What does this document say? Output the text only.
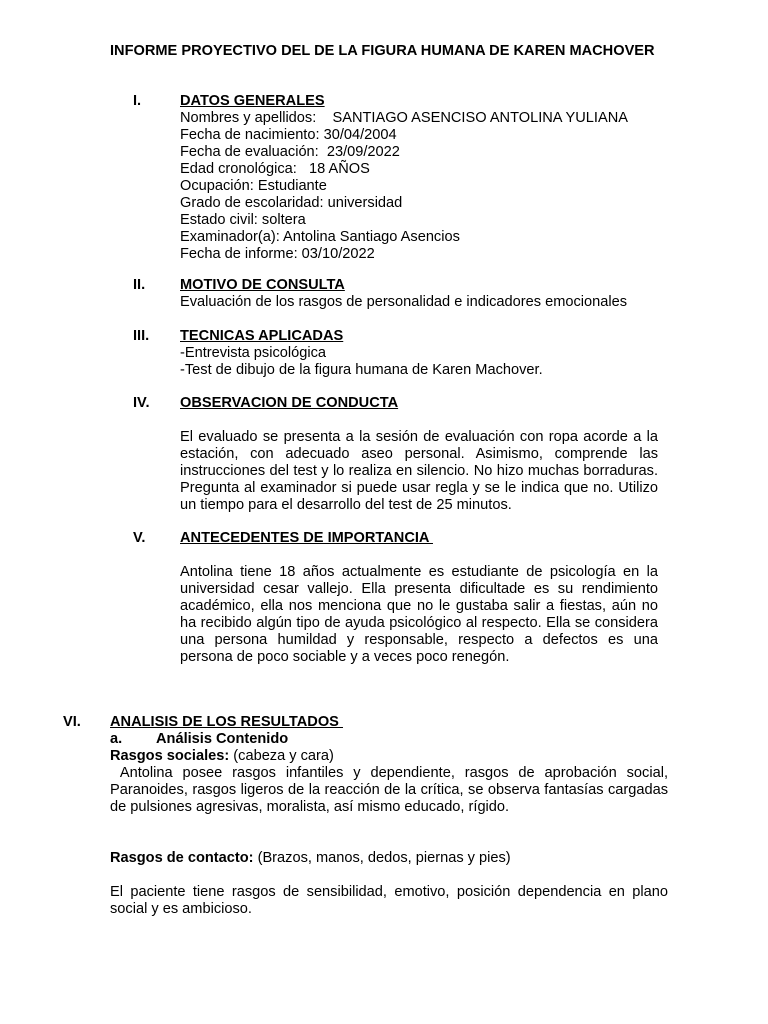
INFORME PROYECTIVO DEL DE LA FIGURA HUMANA DE KAREN MACHOVER
I.	DATOS GENERALES
Nombres y apellidos:    SANTIAGO ASENCISO ANTOLINA YULIANA
Fecha de nacimiento: 30/04/2004
Fecha de evaluación:  23/09/2022
Edad cronológica:   18 AÑOS
Ocupación: Estudiante
Grado de escolaridad: universidad
Estado civil: soltera
Examinador(a): Antolina Santiago Asencios
Fecha de informe: 03/10/2022
II. MOTIVO DE CONSULTA
Evaluación de los rasgos de personalidad e indicadores emocionales
III. TECNICAS APLICADAS
-Entrevista psicológica
-Test de dibujo de la figura humana de Karen Machover.
IV. OBSERVACION DE CONDUCTA
El evaluado se presenta a la sesión de evaluación con ropa acorde a la estación, con adecuado aseo personal. Asimismo, comprende las instrucciones del test y lo realiza en silencio. No hizo muchas borraduras. Pregunta al examinador si puede usar regla y se le indica que no. Utilizo un tiempo para el desarrollo del test de 25 minutos.
V. ANTECEDENTES DE IMPORTANCIA
Antolina tiene 18 años actualmente es estudiante de psicología en la universidad cesar vallejo. Ella presenta dificultade es su rendimiento académico, ella nos menciona que no le gustaba salir a fiestas, aún no ha recibido algún tipo de ayuda psicológico al respecto. Ella se considera una persona humildad y responsable, respecto a defectos es una persona de poco sociable y a veces poco renegón.
VI. ANALISIS DE LOS RESULTADOS
a. Análisis Contenido
Rasgos sociales: (cabeza y cara)
Antolina posee rasgos infantiles y dependiente, rasgos de aprobación social, Paranoides, rasgos ligeros de la reacción de la crítica, se observa fantasías cargadas de pulsiones agresivas, moralista, así mismo educado, rígido.
Rasgos de contacto: (Brazos, manos, dedos, piernas y pies)
El paciente tiene rasgos de sensibilidad, emotivo, posición dependencia en plano social y es ambicioso.
